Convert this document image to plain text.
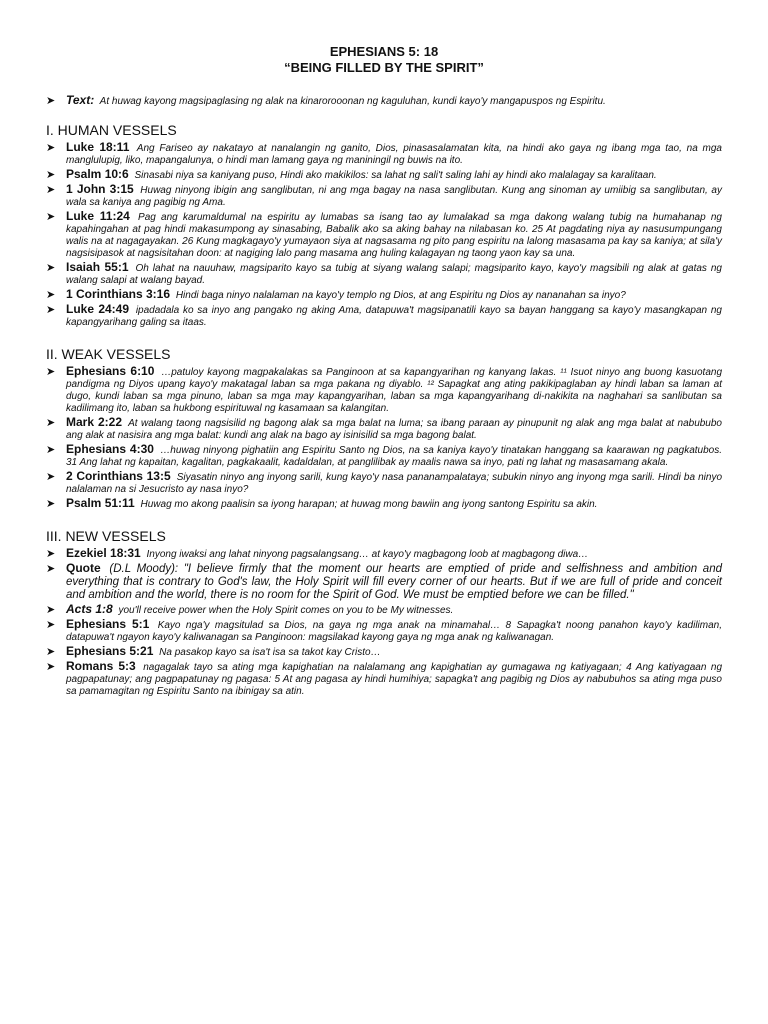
EPHESIANS 5: 18
“BEING FILLED BY THE SPIRIT”
➤ Text: At huwag kayong magsipaglasing ng alak na kinarorooonan ng kaguluhan, kundi kayo'y mangapuspos ng Espiritu.
I. HUMAN VESSELS
➤ Luke 18:11 Ang Fariseo ay nakatayo at nanalangin ng ganito, Dios, pinasasalamatan kita, na hindi ako gaya ng ibang mga tao, na mga manglulupig, liko, mapangalunya, o hindi man lamang gaya ng maniningil ng buwis na ito.
➤ Psalm 10:6 Sinasabi niya sa kaniyang puso, Hindi ako makikilos: sa lahat ng sali't saling lahi ay hindi ako malalagay sa karalitaan.
➤ 1 John 3:15 Huwag ninyong ibigin ang sanglibutan, ni ang mga bagay na nasa sanglibutan. Kung ang sinoman ay umiibig sa sanglibutan, ay wala sa kaniya ang pagibig ng Ama.
➤ Luke 11:24 Pag ang karumaldumal na espiritu ay lumabas sa isang tao ay lumalakad sa mga dakong walang tubig na humahanap ng kapahingahan at pag hindi makasumpong ay sinasabing, Babalik ako sa aking bahay na nilabasan ko. 25 At pagdating niya ay nasusumpungang walis na at nagagayakan. 26 Kung magkagayo'y yumayaon siya at nagsasama ng pito pang espiritu na lalong masasama pa kay sa kaniya; at sila'y nagsisipasok at nagsisitahan doon: at nagiging lalo pang masama ang huling kalagayan ng taong yaon kay sa una.
➤ Isaiah 55:1 Oh lahat na nauuhaw, magsiparito kayo sa tubig at siyang walang salapi; magsiparito kayo, kayo'y magsibili ng alak at gatas ng walang salapi at walang bayad.
➤ 1 Corinthians 3:16 Hindi baga ninyo nalalaman na kayo'y templo ng Dios, at ang Espiritu ng Dios ay nananahan sa inyo?
➤ Luke 24:49 ipadadala ko sa inyo ang pangako ng aking Ama, datapuwa't magsipanatili kayo sa bayan hanggang sa kayo'y masangkapan ng kapangyarihang galing sa itaas.
II. WEAK VESSELS
➤ Ephesians 6:10 …patuloy kayong magpakalakas sa Panginoon at sa kapangyarihan ng kanyang lakas. ¹¹ Isuot ninyo ang buong kasuotang pandigma ng Diyos upang kayo'y makatagal laban sa mga pakana ng diyablo. ¹² Sapagkat ang ating pakikipaglaban ay hindi laban sa laman at dugo, kundi laban sa mga pinuno, laban sa mga may kapangyarihan, laban sa mga kapangyarihang di-nakikita na naghahari sa sanlibutan sa kadilimang ito, laban sa hukbong espirituwal ng kasamaan sa kalangitan.
➤ Mark 2:22 At walang taong nagsisilid ng bagong alak sa mga balat na luma; sa ibang paraan ay pinupunit ng alak ang mga balat at nabububo ang alak at nasisira ang mga balat: kundi ang alak na bago ay isinisilid sa mga bagong balat.
➤ Ephesians 4:30 …huwag ninyong pighatiin ang Espiritu Santo ng Dios, na sa kaniya kayo'y tinatakan hanggang sa kaarawan ng pagkatubos. 31 Ang lahat ng kapaitan, kagalitan, pagkakaalit, kadaldalan, at panglilibak ay maalis nawa sa inyo, pati ng lahat ng masasamang akala.
➤ 2 Corinthians 13:5 Siyasatin ninyo ang inyong sarili, kung kayo'y nasa pananampalataya; subukin ninyo ang inyong mga sarili. Hindi ba ninyo nalalaman na si Jesucristo ay nasa inyo?
➤ Psalm 51:11 Huwag mo akong paalisin sa iyong harapan; at huwag mong bawiin ang iyong santong Espiritu sa akin.
III. NEW VESSELS
➤ Ezekiel 18:31 Inyong iwaksi ang lahat ninyong pagsalangsang… at kayo'y magbagong loob at magbagong diwa…
➤ Quote (D.L Moody): "I believe firmly that the moment our hearts are emptied of pride and selfishness and ambition and everything that is contrary to God's law, the Holy Spirit will fill every corner of our hearts. But if we are full of pride and conceit and ambition and the world, there is no room for the Spirit of God. We must be emptied before we can be filled."
➤ Acts 1:8 you'll receive power when the Holy Spirit comes on you to be My witnesses.
➤ Ephesians 5:1 Kayo nga'y magsitulad sa Dios, na gaya ng mga anak na minamahal… 8 Sapagka't noong panahon kayo'y kadiliman, datapuwa't ngayon kayo'y kaliwanagan sa Panginoon: magsilakad kayong gaya ng mga anak ng kaliwanagan.
➤ Ephesians 5:21 Na pasakop kayo sa isa't isa sa takot kay Cristo…
➤ Romans 5:3 nagagalak tayo sa ating mga kapighatian na nalalamang ang kapighatian ay gumagawa ng katiyagaan; 4 Ang katiyagaan ng pagpapatunay; ang pagpapatunay ng pagasa: 5 At ang pagasa ay hindi humihiya; sapagka't ang pagibig ng Dios ay nabubuhos sa ating mga puso sa pamamagitan ng Espiritu Santo na ibinigay sa atin.
